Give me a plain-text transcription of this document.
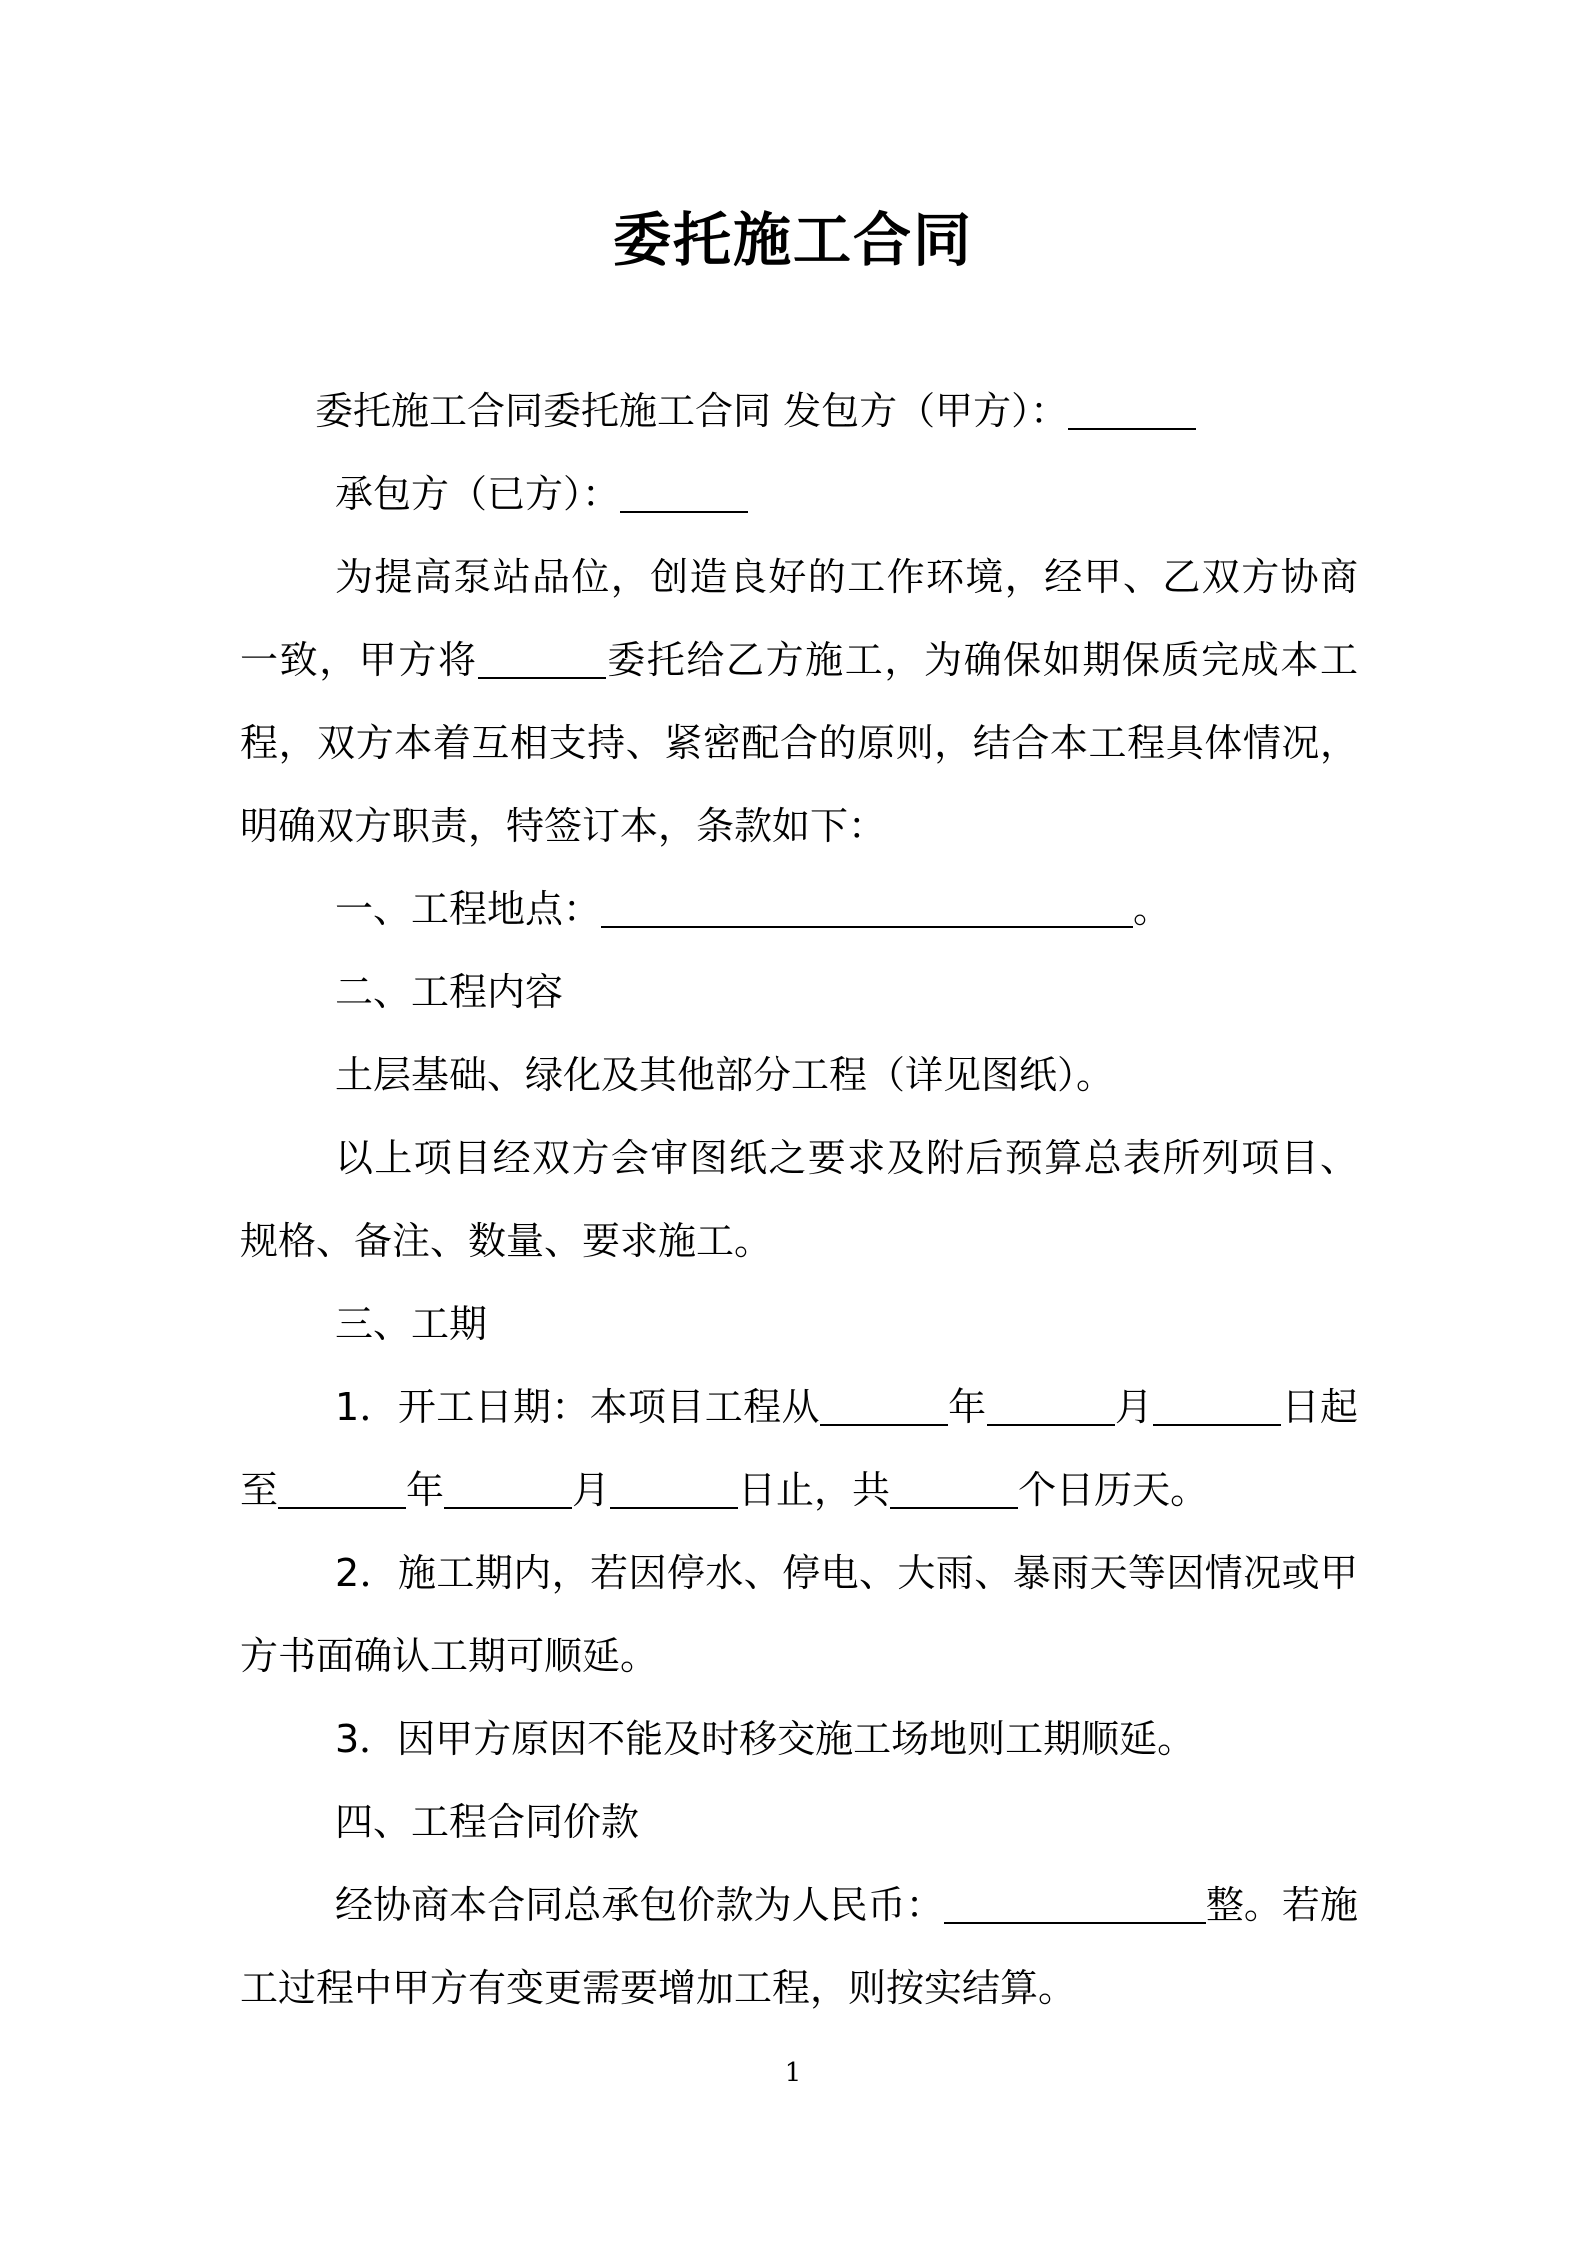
委托施工合同

委托施工合同委托施工合同 发包方（甲方）：

承包方（已方）：

为提高泵站品位，创造良好的工作环境，经甲、乙双方协商一致，甲方将	委托给乙方施工，为确保如期保质完成本工程，双方本着互相支持、紧密配合的原则，结合本工程具体情况，明确双方职责，特签订本，条款如下：

一、工程地点：	。

二、工程内容

土层基础、绿化及其他部分工程（详见图纸）。

以上项目经双方会审图纸之要求及附后预算总表所列项目、规格、备注、数量、要求施工。

三、工期

1．开工日期：本项目工程从	年	月	日起至	年	月	日止，共	个日历天。

2．施工期内，若因停水、停电、大雨、暴雨天等因情况或甲方书面确认工期可顺延。

3．因甲方原因不能及时移交施工场地则工期顺延。

四、工程合同价款

经协商本合同总承包价款为人民币：	整。若施工过程中甲方有变更需要增加工程，则按实结算。

1
